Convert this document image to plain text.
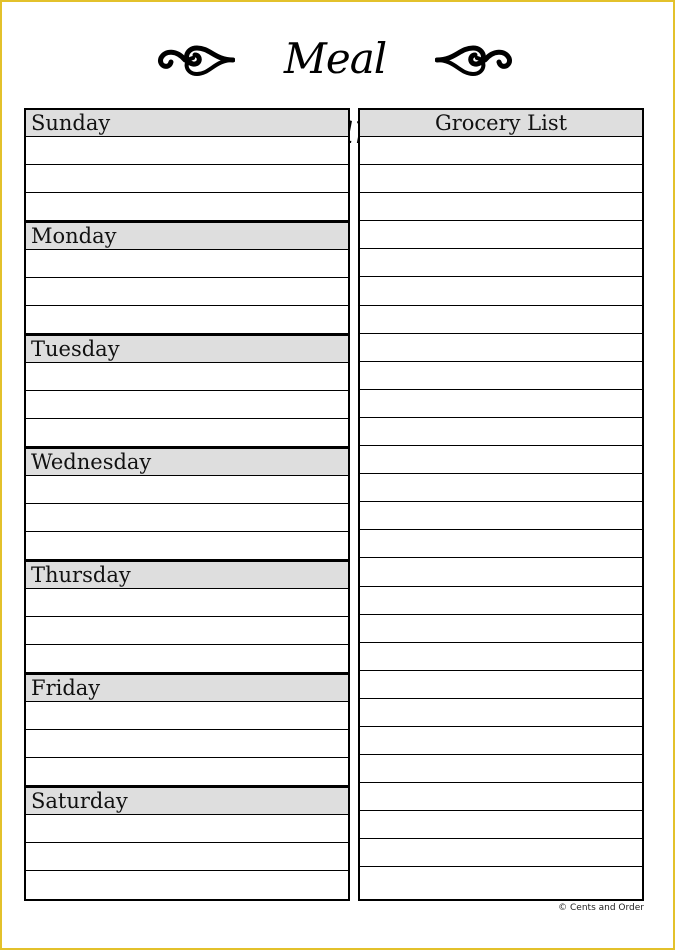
Meal
Sunday
Monday
Tuesday
Wednesday
Thursday
Friday
Saturday
Grocery List
© Cents and Order
